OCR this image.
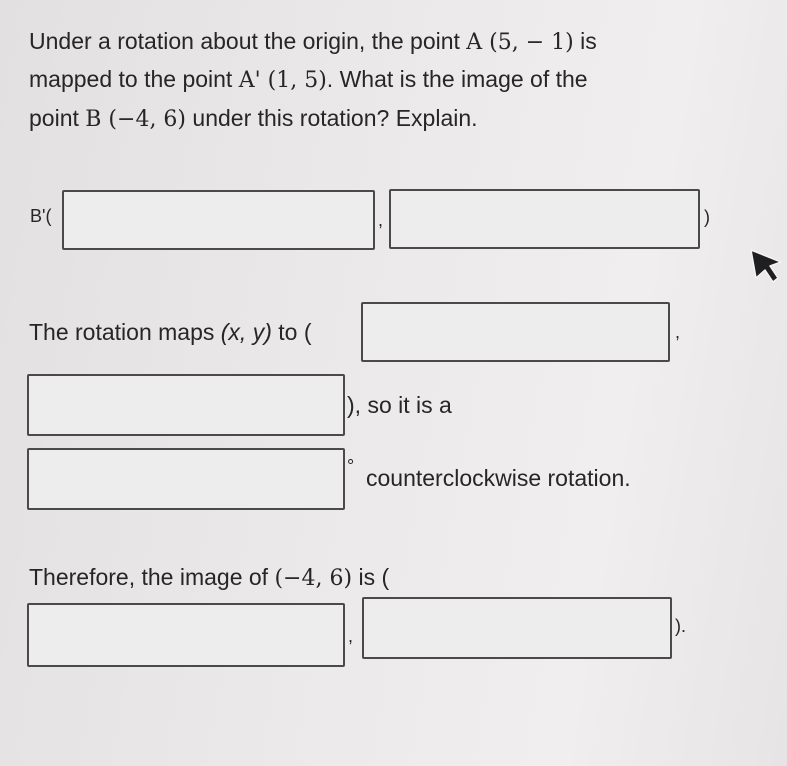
Under a rotation about the origin, the point A (5, − 1) is
mapped to the point A' (1, 5). What is the image of the
point B (−4, 6) under this rotation? Explain.
B'(	,	)
The rotation maps (x, y) to (	,
), so it is a
° counterclockwise rotation.
Therefore, the image of (−4, 6) is (
,	).
